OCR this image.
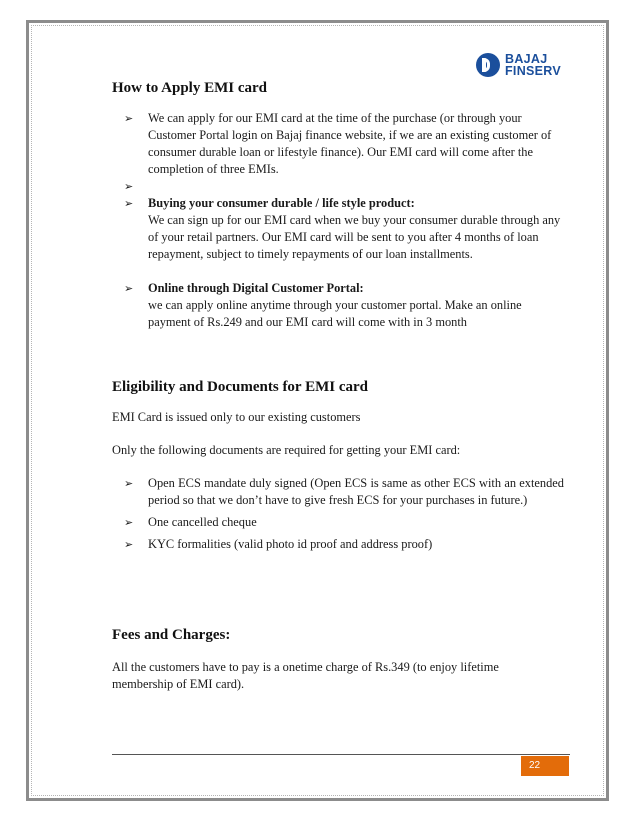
BAJAJ
FINSERV
How to Apply EMI card
➢ We can apply for our EMI card at the time of the purchase (or through your Customer Portal login on Bajaj finance website, if we are an existing customer of consumer durable loan or lifestyle finance). Our EMI card will come after the completion of three EMIs.
➢
➢ Buying your consumer durable / life style product:
We can sign up for our EMI card when we buy your consumer durable through any of your retail partners. Our EMI card will be sent to you after 4 months of loan repayment, subject to timely repayments of our loan installments.
➢ Online through Digital Customer Portal:
we can apply online anytime through your customer portal. Make an online payment of Rs.249 and our EMI card will come with in 3 month
Eligibility and Documents for EMI card

EMI Card is issued only to our existing customers

Only the following documents are required for getting your EMI card:

➢ Open ECS mandate duly signed (Open ECS is same as other ECS with an extended period so that we don’t have to give fresh ECS for your purchases in future.)
➢ One cancelled cheque
➢ KYC formalities (valid photo id proof and address proof)
Fees and Charges:

All the customers have to pay is a onetime charge of Rs.349 (to enjoy lifetime membership of EMI card).

22
